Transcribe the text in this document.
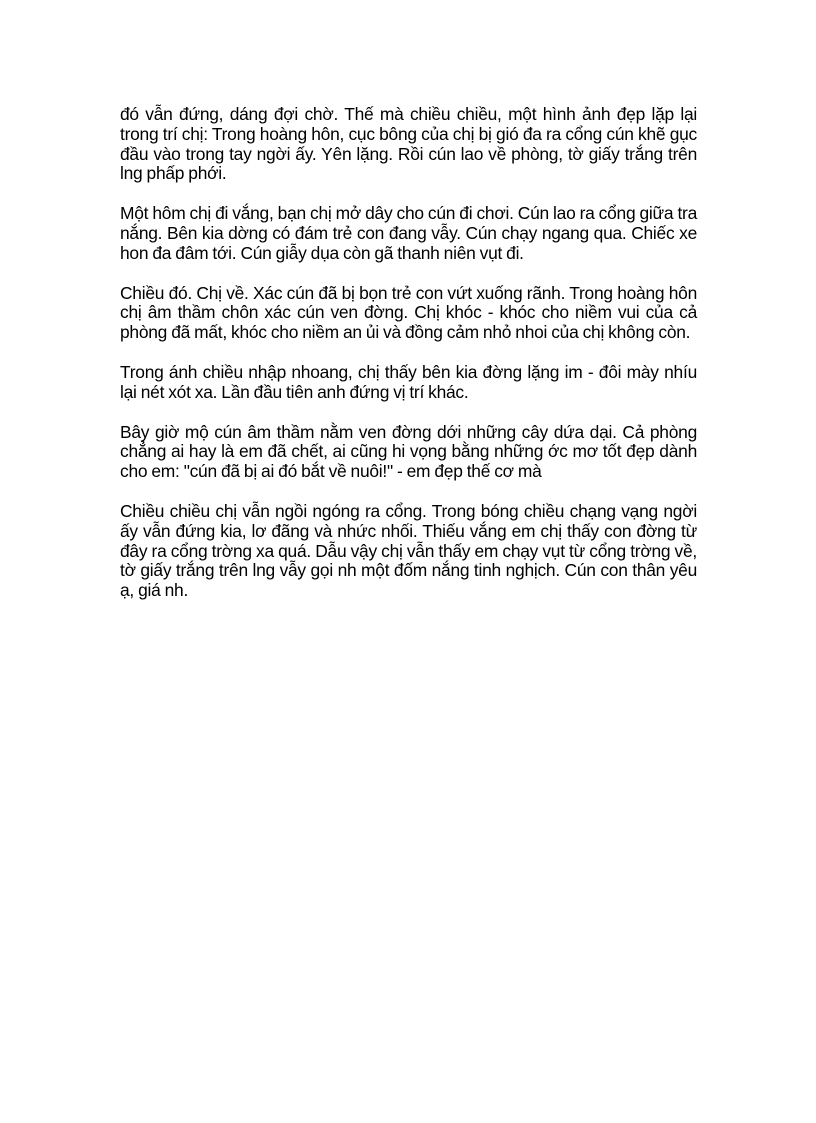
đó vẫn đứng, dáng đợi chờ. Thế mà chiều chiều, một hình ảnh đẹp lặp lại trong trí chị: Trong hoàng hôn, cục bông của chị bị gió đa ra cổng cún khẽ gục đầu vào trong tay ngời ấy. Yên lặng. Rồi cún lao về phòng, tờ giấy trắng trên lng phấp phới.

Một hôm chị đi vắng, bạn chị mở dây cho cún đi chơi. Cún lao ra cổng giữa tra nắng. Bên kia dờng có đám trẻ con đang vẫy. Cún chạy ngang qua. Chiếc xe hon đa đâm tới. Cún giẫy dụa còn gã thanh niên vụt đi.

Chiều đó. Chị về. Xác cún đã bị bọn trẻ con vứt xuống rãnh. Trong hoàng hôn chị âm thầm chôn xác cún ven đờng. Chị khóc - khóc cho niềm vui của cả phòng đã mất, khóc cho niềm an ủi và đồng cảm nhỏ nhoi của chị không còn.

Trong ánh chiều nhập nhoang, chị thấy bên kia đờng lặng im - đôi mày nhíu lại nét xót xa. Lần đầu tiên anh đứng vị trí khác.

Bây giờ mộ cún âm thầm nằm ven đờng dới những cây dứa dại. Cả phòng chẳng ai hay là em đã chết, ai cũng hi vọng bằng những ớc mơ tốt đẹp dành cho em: "cún đã bị ai đó bắt về nuôi!" - em đẹp thế cơ mà

Chiều chiều chị vẫn ngồi ngóng ra cổng. Trong bóng chiều chạng vạng ngời ấy vẫn đứng kia, lơ đãng và nhức nhối. Thiếu vắng em chị thấy con đờng từ đây ra cổng trờng xa quá. Dẫu vậy chị vẫn thấy em chạy vụt từ cổng trờng về, tờ giấy trắng trên lng vẫy gọi nh một đốm nắng tinh nghịch. Cún con thân yêu ạ, giá nh.
